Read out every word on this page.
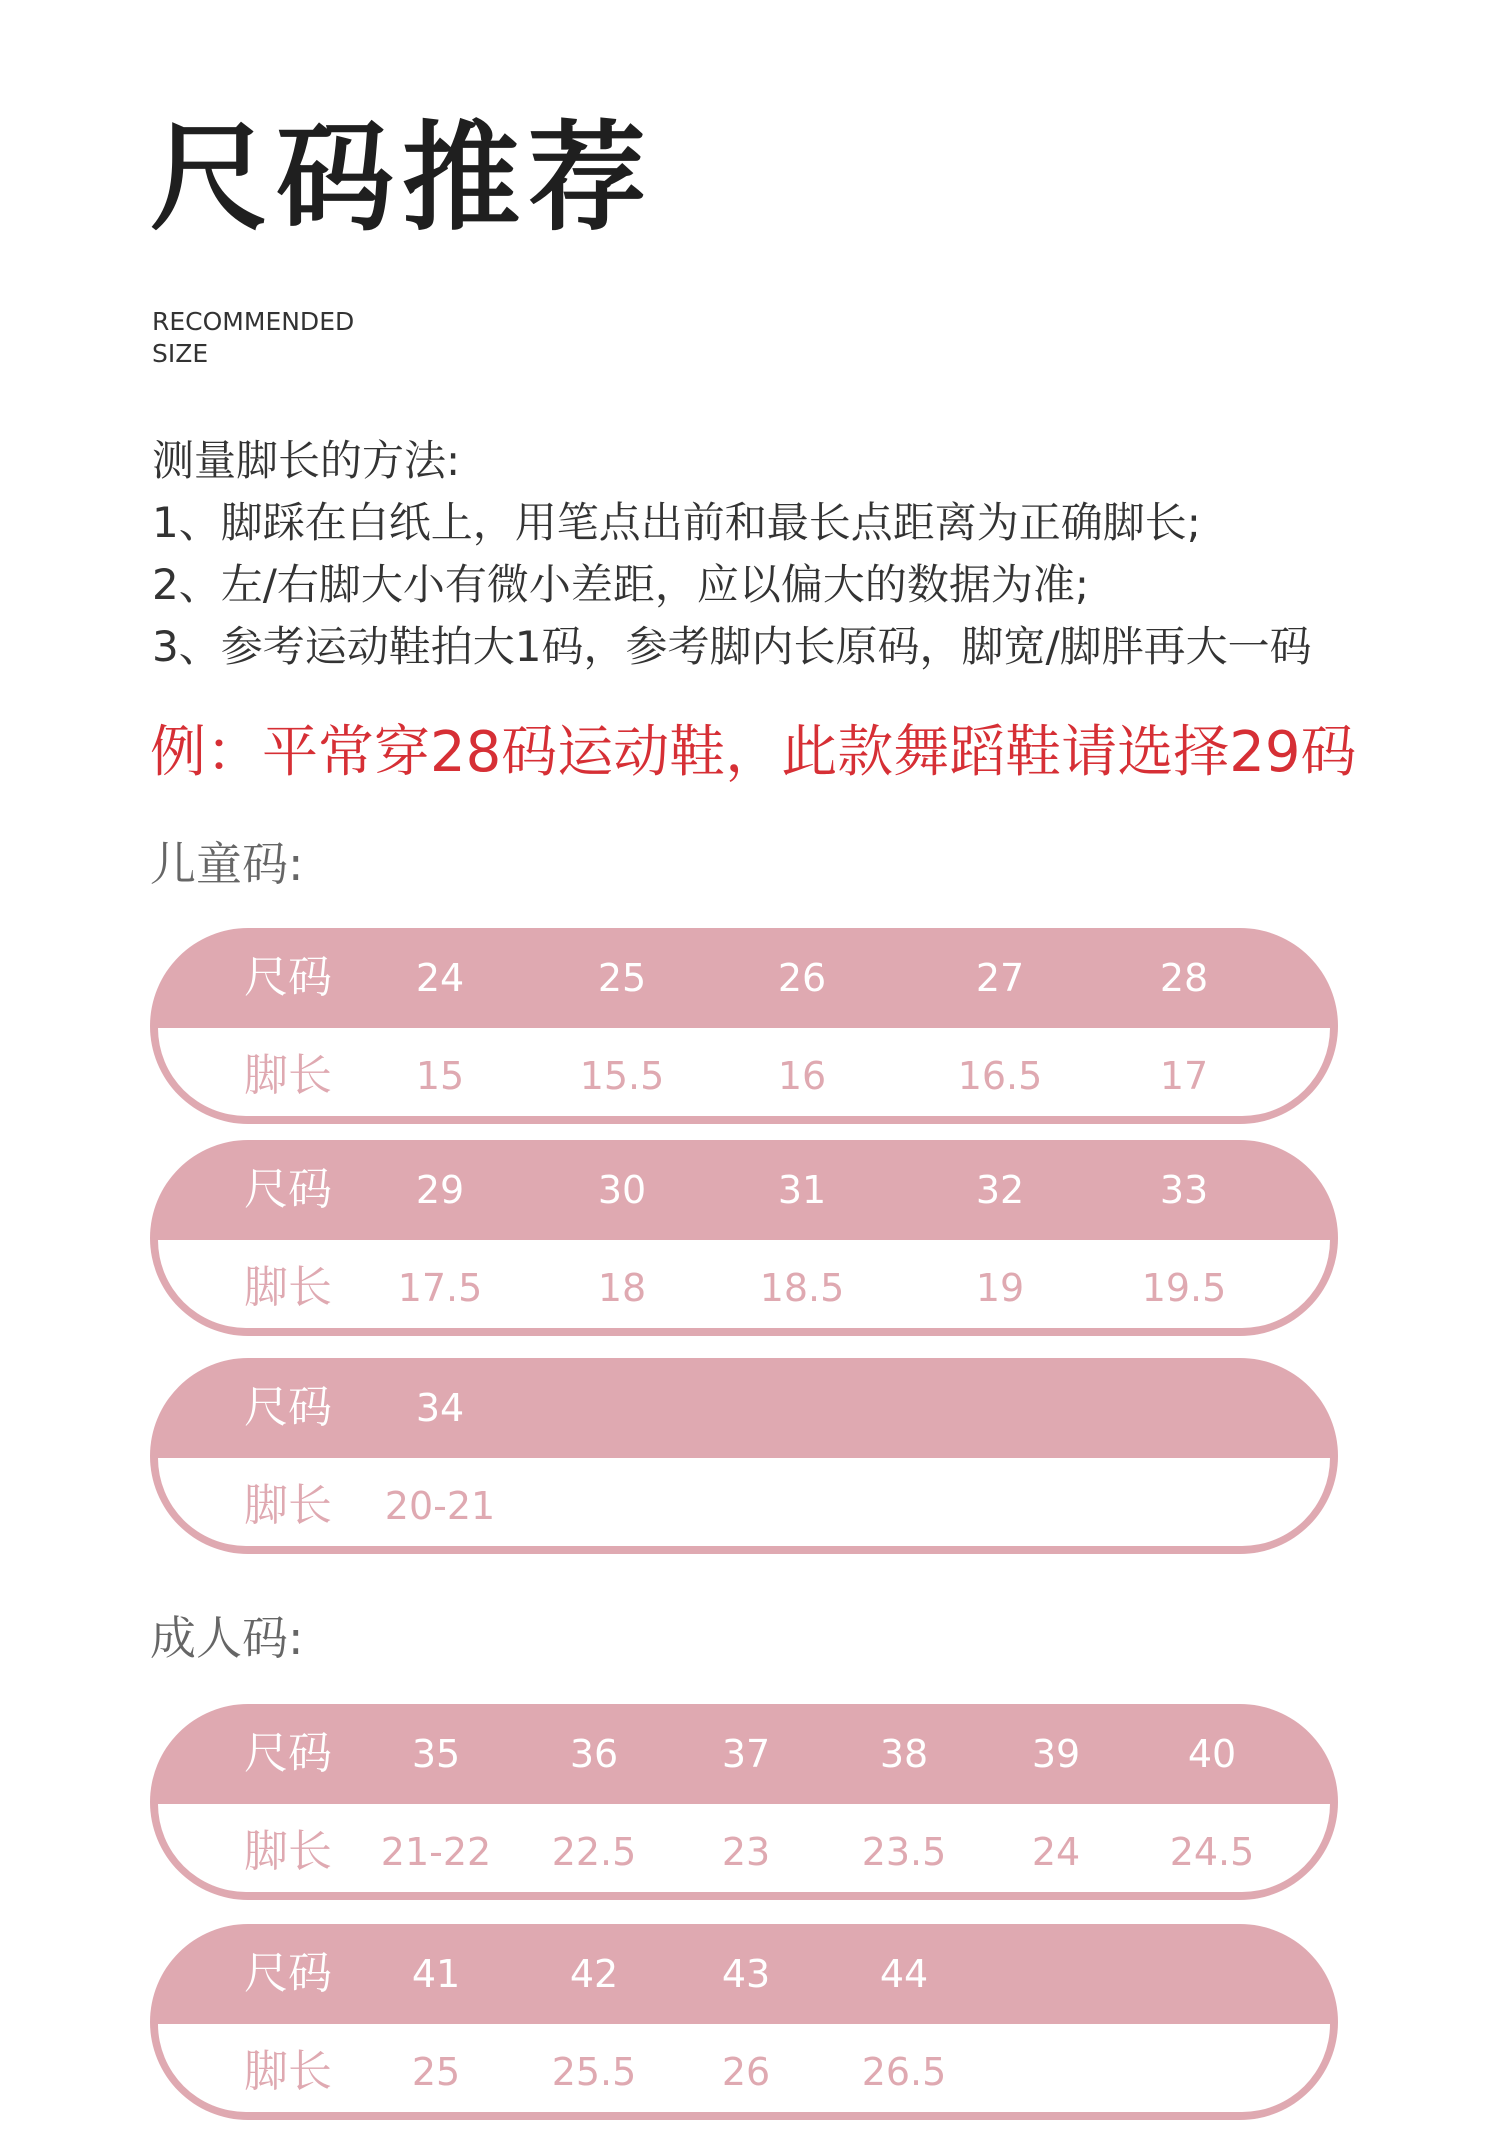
尺码推荐
RECOMMENDED
SIZE
测量脚长的方法:
1、脚踩在白纸上，用笔点出前和最长点距离为正确脚长;
2、左/右脚大小有微小差距，应以偏大的数据为准;
3、参考运动鞋拍大1码，参考脚内长原码，脚宽/脚胖再大一码
例：平常穿28码运动鞋，此款舞蹈鞋请选择29码
儿童码:
成人码:
尺码	24	25	26	27	28
脚长	15	15.5	16	16.5	17
尺码	29	30	31	32	33
脚长	17.5	18	18.5	19	19.5
尺码	34
脚长	20-21
尺码	35	36	37	38	39	40
脚长	21-22	22.5	23	23.5	24	24.5
尺码	41	42	43	44
脚长	25	25.5	26	26.5
